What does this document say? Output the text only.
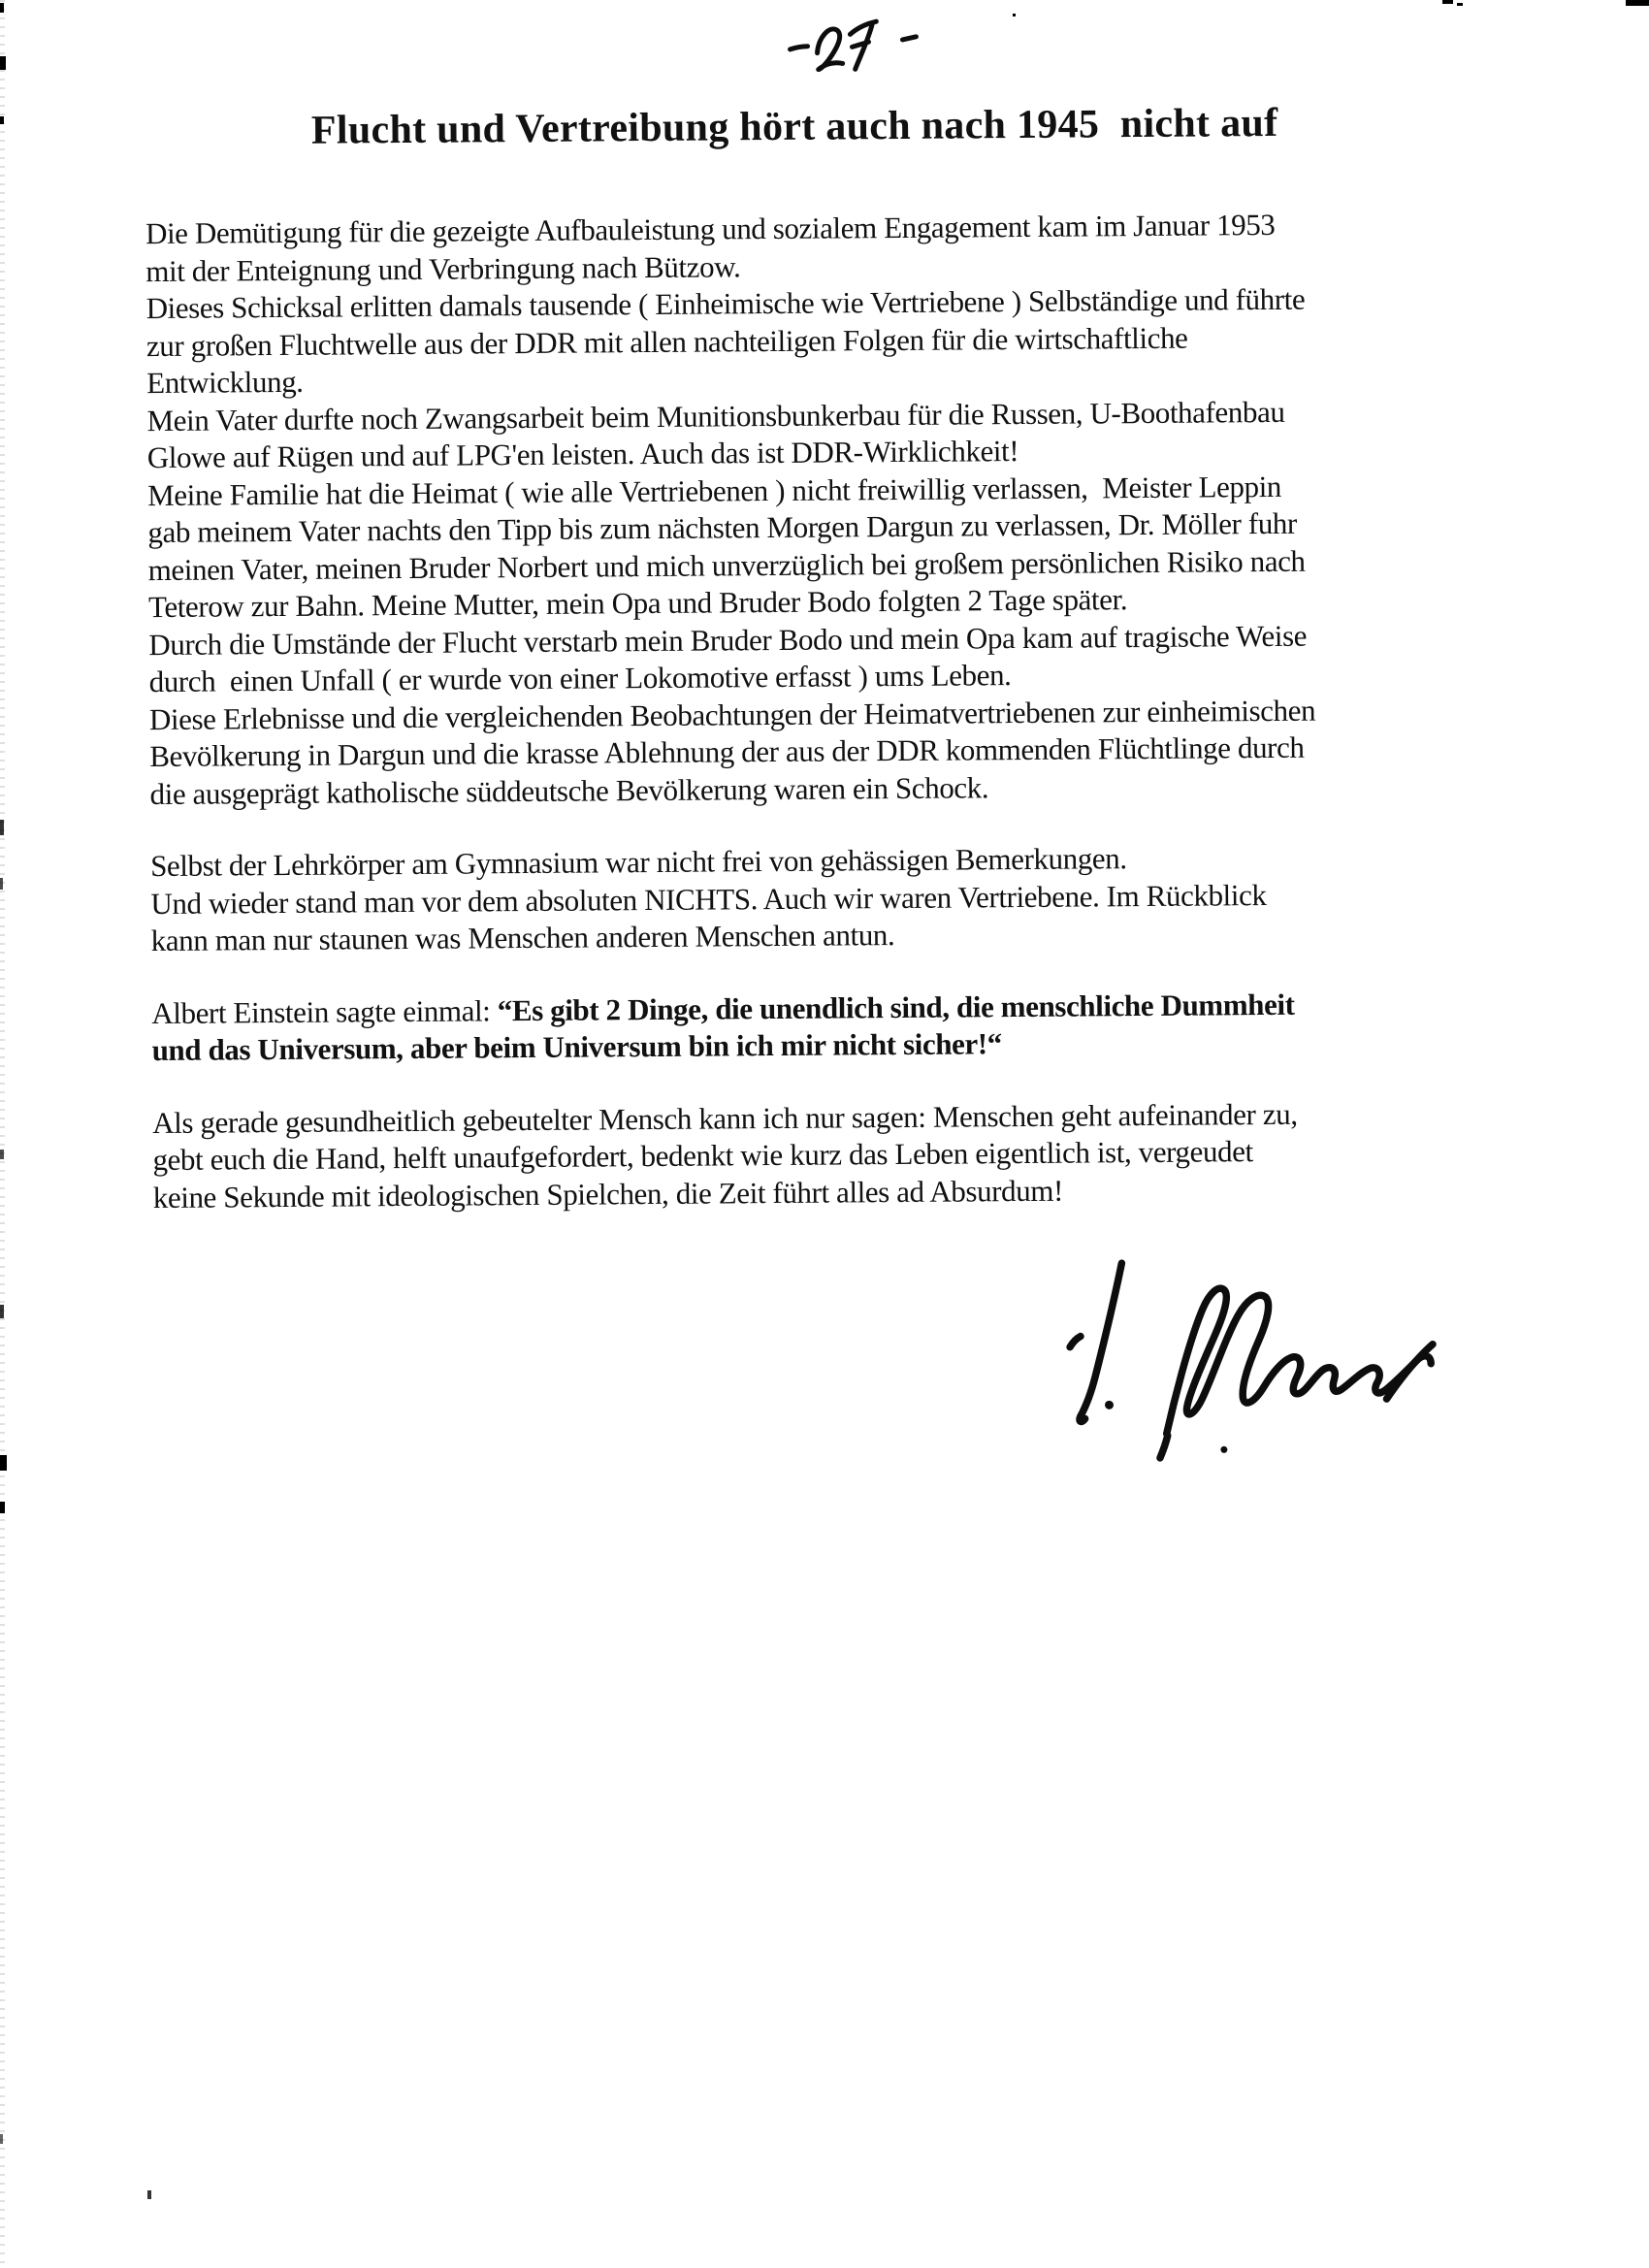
Flucht und Vertreibung hört auch nach 1945  nicht auf
Die Demütigung für die gezeigte Aufbauleistung und sozialem Engagement kam im Januar 1953
mit der Enteignung und Verbringung nach Bützow.
Dieses Schicksal erlitten damals tausende ( Einheimische wie Vertriebene ) Selbständige und führte
zur großen Fluchtwelle aus der DDR mit allen nachteiligen Folgen für die wirtschaftliche
Entwicklung.
Mein Vater durfte noch Zwangsarbeit beim Munitionsbunkerbau für die Russen, U-Boothafenbau
Glowe auf Rügen und auf LPG'en leisten. Auch das ist DDR-Wirklichkeit!
Meine Familie hat die Heimat ( wie alle Vertriebenen ) nicht freiwillig verlassen,  Meister Leppin
gab meinem Vater nachts den Tipp bis zum nächsten Morgen Dargun zu verlassen, Dr. Möller fuhr
meinen Vater, meinen Bruder Norbert und mich unverzüglich bei großem persönlichen Risiko nach
Teterow zur Bahn. Meine Mutter, mein Opa und Bruder Bodo folgten 2 Tage später.
Durch die Umstände der Flucht verstarb mein Bruder Bodo und mein Opa kam auf tragische Weise
durch  einen Unfall ( er wurde von einer Lokomotive erfasst ) ums Leben.
Diese Erlebnisse und die vergleichenden Beobachtungen der Heimatvertriebenen zur einheimischen
Bevölkerung in Dargun und die krasse Ablehnung der aus der DDR kommenden Flüchtlinge durch
die ausgeprägt katholische süddeutsche Bevölkerung waren ein Schock.
Selbst der Lehrkörper am Gymnasium war nicht frei von gehässigen Bemerkungen.
Und wieder stand man vor dem absoluten NICHTS. Auch wir waren Vertriebene. Im Rückblick
kann man nur staunen was Menschen anderen Menschen antun.
Albert Einstein sagte einmal: “Es gibt 2 Dinge, die unendlich sind, die menschliche Dummheit
und das Universum, aber beim Universum bin ich mir nicht sicher!“
Als gerade gesundheitlich gebeutelter Mensch kann ich nur sagen: Menschen geht aufeinander zu,
gebt euch die Hand, helft unaufgefordert, bedenkt wie kurz das Leben eigentlich ist, vergeudet
keine Sekunde mit ideologischen Spielchen, die Zeit führt alles ad Absurdum!
